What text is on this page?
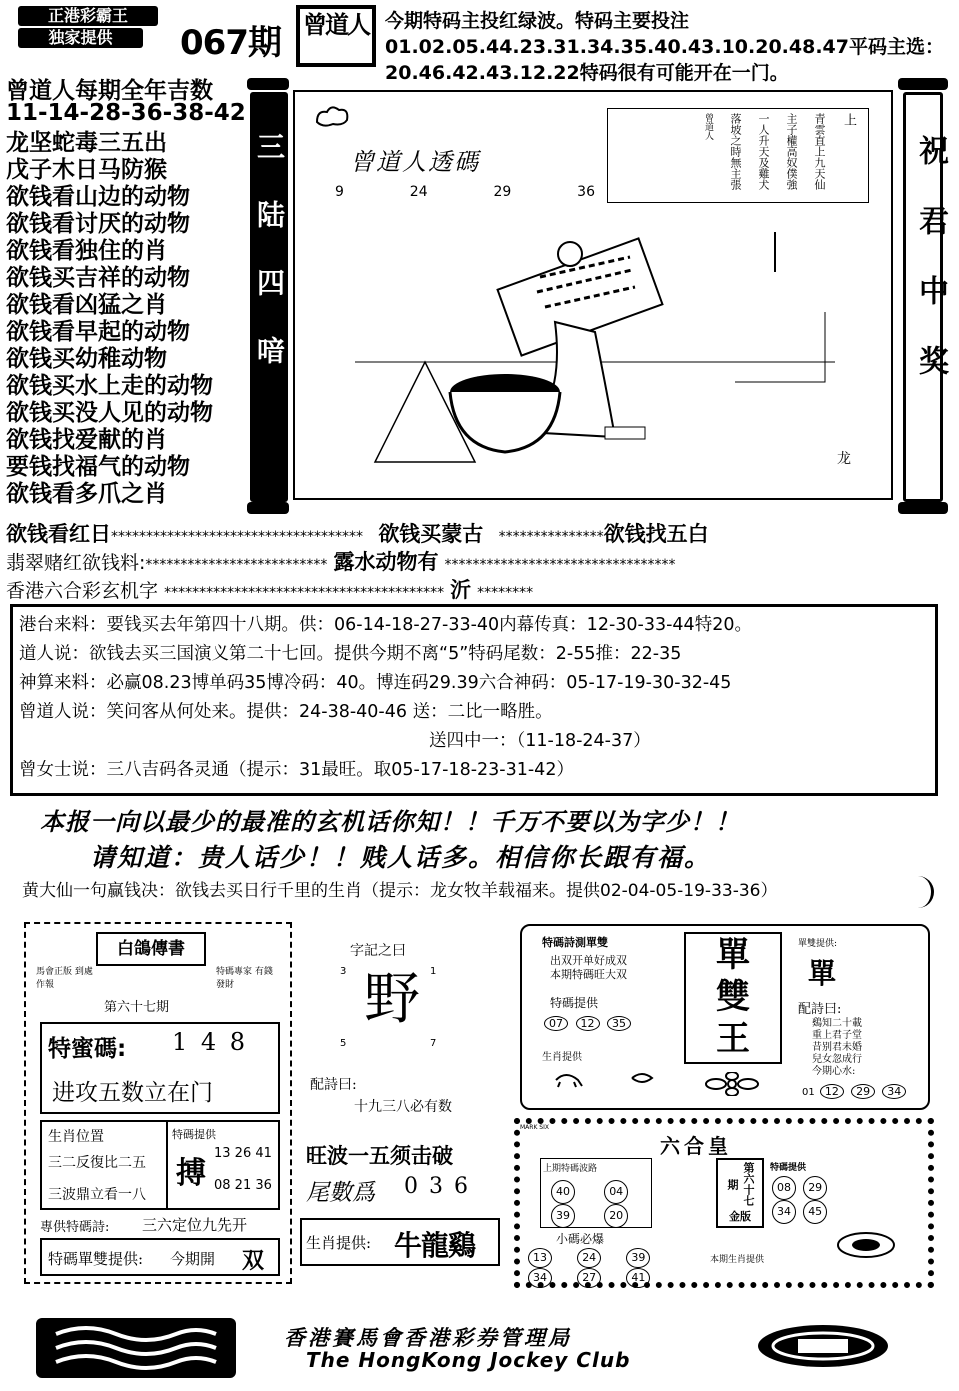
正港彩霸王
独家提供	067期 曾道人 今期特码主投红绿波。特码主要投注01.02.05.44.23.31.34.35.40.43.10.20.48.47平码主选：20.46.42.43.12.22特码很有可能开在一门。
曾道人每期全年吉数
11-14-28-36-38-42
龙坚蛇毒三五出
戊子木日马防猴
欲钱看山边的动物
欲钱看讨厌的动物
欲钱看独住的肖
欲钱买吉祥的动物
欲钱看凶猛之肖
欲钱看早起的动物
欲钱买幼稚动物
欲钱买水上走的动物
欲钱买没人见的动物
欲钱找爱献的肖
要钱找福气的动物
欲钱看多爪之肖
三陆四喑	曾道人透碼
9	24	29	36
上
青雲直上九天仙
主子權高奴僕強
一人升天及雞犬
落坡之時無主張
曾道人
龙
祝君中奖
欲钱看红日************************************ 欲钱买蒙古 ***************欲钱找五白
翡翠赌红欲钱料:************************** 露水动物有 *********************************
香港六合彩玄机字 **************************************** 沂 ********
港台来料：要钱买去年第四十八期。供：06-14-18-27-33-40内幕传真：12-30-33-44特20。
道人说：欲钱去买三国演义第二十七回。提供今期不离“5”特码尾数：2-55推：22-35
神算来料：必赢08.23博单码35博冷码：40。博连码29.39六合神码：05-17-19-30-32-45
曾道人说：笑问客从何处来。提供：24-38-40-46 送：二比一略胜。
送四中一：（11-18-24-37）
曾女士说：三八吉码各灵通（提示：31最旺。取05-17-18-23-31-42）
本报一向以最少的最准的玄机话你知！！千万不要以为字少！！
请知道：贵人话少！！贱人话多。相信你长跟有福。
黄大仙一句赢钱决：欲钱去买日行千里的生肖（提示：龙女牧羊载福来。提供02-04-05-19-33-36）
白鴿傳書
馬會正版 到處作報
特碼專家 有錢發財
第六十七期
特蜜碼: 1 4 8
进攻五数立在门
生肖位置
三二反復比二五
三波鼎立看一八
特碼提供
搏
13 26 41
08 21 36
專供特碼詩: 三六定位九先开
特碼單雙提供: 今期開 双
字記之曰
3	1
5	7
野
配詩曰:
十九三八必有数
旺波一五须击破
尾數爲 0 3 6
生肖提供: 牛龍鷄
特碼詩測單雙
出双开单好成双
本期特碼旺大双
特碼提供
07 12 35
生肖提供
單
雙
王
單雙提供:
單
配詩曰:
鷄知二十載
重上君子堂
昔别君未婚
兒女忽成行
今期心水:
01 12 29 34
MARK SIX
六合皇
上期特碼波路
40	04
39	20
第六十七期
金版
特碼提供
08 29
34 45
小碼必爆
13	24	39
34	27	41
本期生肖提供
香港賽馬會香港彩券管理局
The HongKong Jockey Club
